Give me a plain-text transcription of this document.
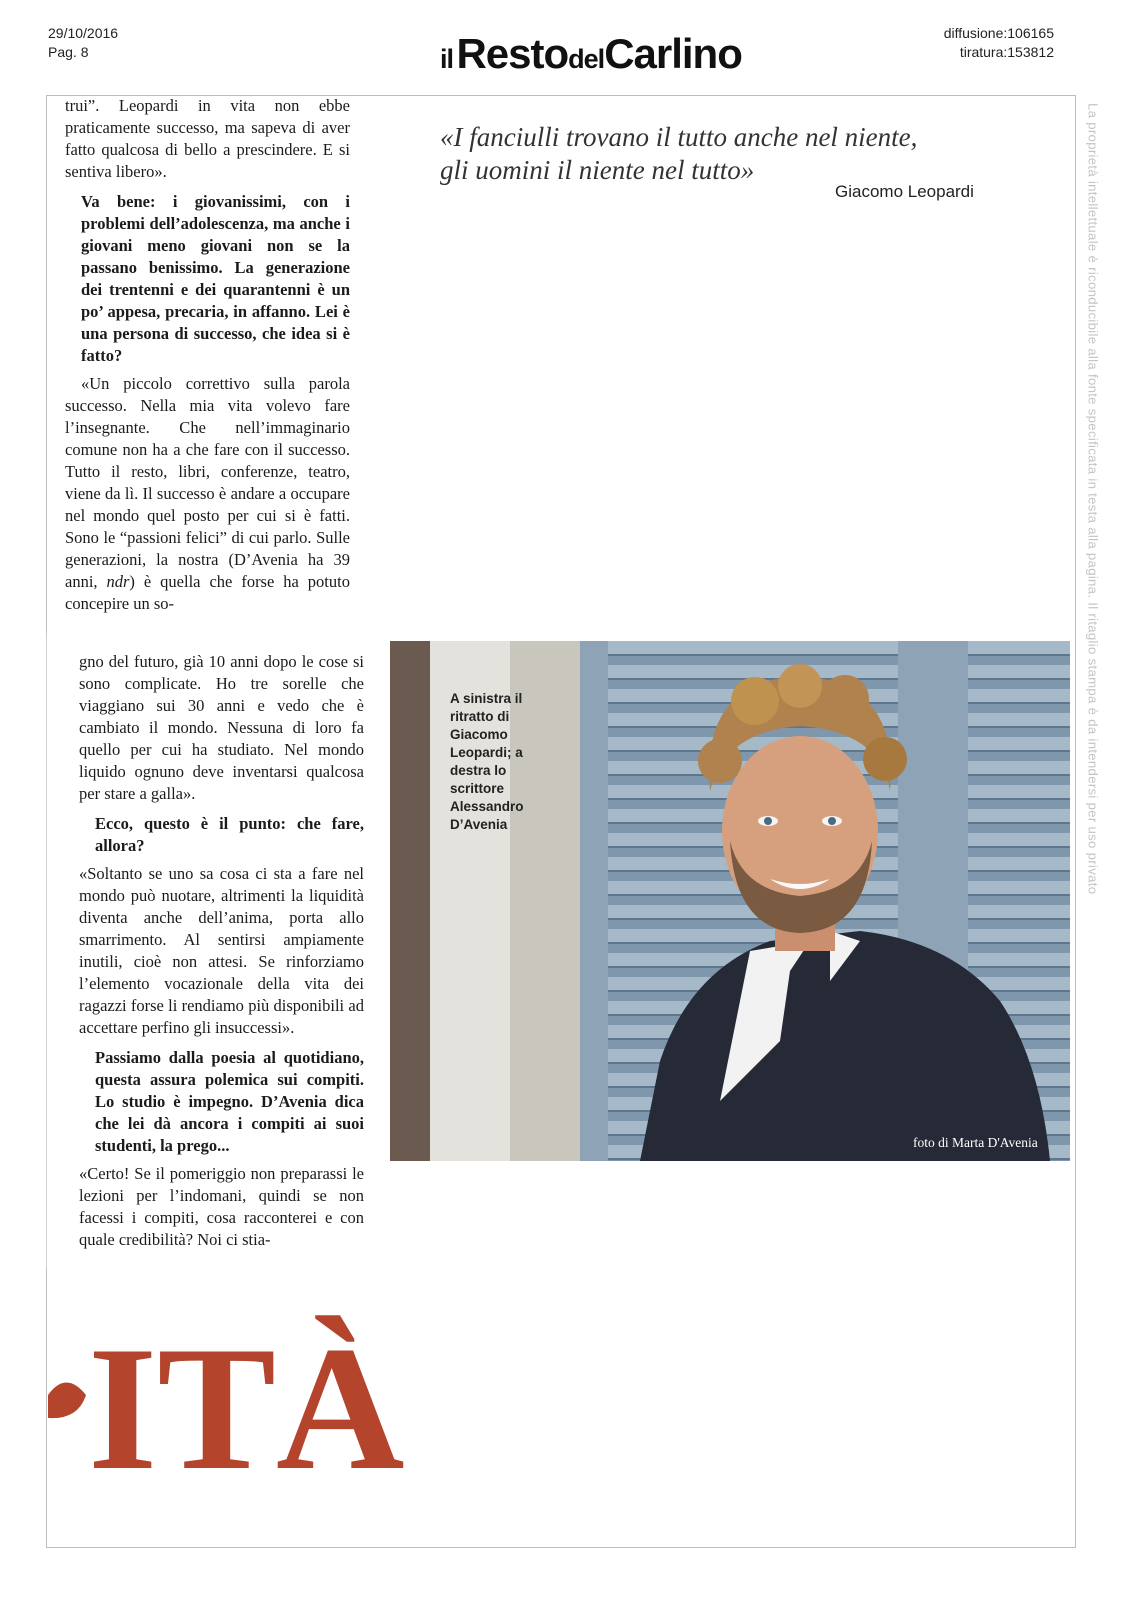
29/10/2016
Pag. 8	il RestodelCarlino	diffusione:106165
tiratura:153812
La proprietà intellettuale è riconducibile alla fonte specificata in testa alla pagina. Il ritaglio stampa è da intendersi per uso privato

trui”. Leopardi in vita non ebbe praticamente successo, ma sapeva di aver fatto qualcosa di bello a prescindere. E si sentiva libero».

Va bene: i giovanissimi, con i problemi dell’adolescenza, ma anche i giovani meno giovani non se la passano benissimo. La generazione dei trentenni e dei quarantenni è un po’ appesa, precaria, in affanno. Lei è una persona di successo, che idea si è fatto?

«Un piccolo correttivo sulla parola successo. Nella mia vita volevo fare l’insegnante. Che nell’immaginario comune non ha a che fare con il successo. Tutto il resto, libri, conferenze, teatro, viene da lì. Il successo è andare a occupare nel mondo quel posto per cui si è fatti. Sono le “passioni felici” di cui parlo. Sulle generazioni, la nostra (D’Avenia ha 39 anni, ndr) è quella che forse ha potuto concepire un so-

gno del futuro, già 10 anni dopo le cose si sono complicate. Ho tre sorelle che viaggiano sui 30 anni e vedo che è cambiato il mondo. Nessuna di loro fa quello per cui ha studiato. Nel mondo liquido ognuno deve inventarsi qualcosa per stare a galla».

Ecco, questo è il punto: che fare, allora?

«Soltanto se uno sa cosa ci sta a fare nel mondo può nuotare, altrimenti la liquidità diventa anche dell’anima, porta allo smarrimento. Al sentirsi ampiamente inutili, cioè non attesi. Se rinforziamo l’elemento vocazionale della vita dei ragazzi forse li rendiamo più disponibili ad accettare perfino gli insuccessi».

Passiamo dalla poesia al quotidiano, questa assura polemica sui compiti. Lo studio è impegno. D’Avenia dica che lei dà ancora i compiti ai suoi studenti, la prego...

«Certo! Se il pomeriggio non preparassi le lezioni per l’indomani, quindi se non facessi i compiti, cosa racconterei e con quale credibilità? Noi ci stia-

«I fanciulli trovano il tutto anche nel niente,
gli uomini il niente nel tutto»
Giacomo Leopardi
A sinistra il
ritratto di
Giacomo
Leopardi; a
destra lo
scrittore
Alessandro
D’Avenia
foto di Marta D'Avenia
ITÀ
